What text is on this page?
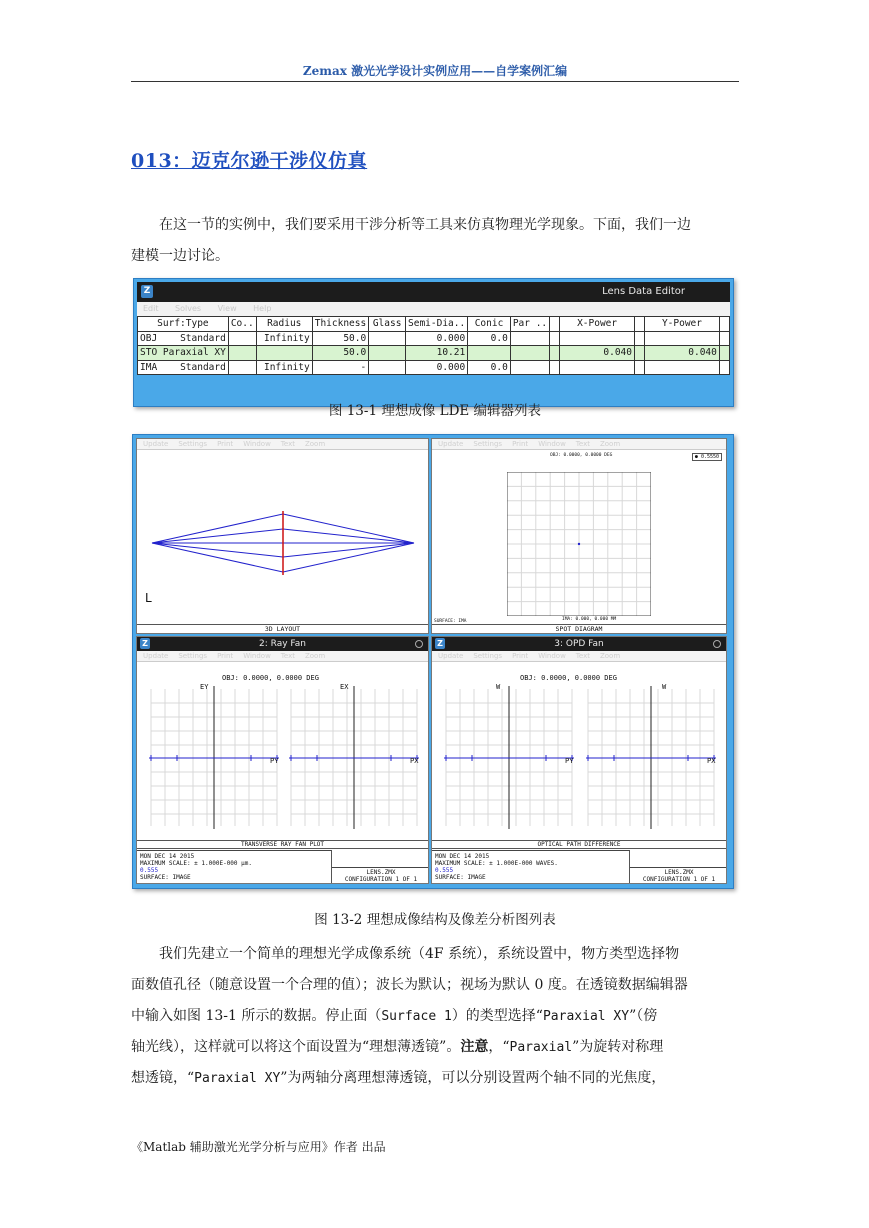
Zemax 激光光学设计实例应用——自学案例汇编
013：迈克尔逊干涉仪仿真
在这一节的实例中，我们要采用干涉分析等工具来仿真物理光学现象。下面，我们一边
建模一边讨论。
Z	Lens Data Editor
Edit Solves View Help
Surf:Type	Co..	Radius	Thickness	Glass	Semi-Dia..	Conic	Par ..		X-Power		Y-Power	
OBJ Standard		Infinity	50.0		0.000	0.0						
STO Paraxial XY			50.0		10.21				0.040		0.040	
IMA Standard		Infinity	-		0.000	0.0						
图 13-1 理想成像 LDE 编辑器列表
Update Settings Print Window Text Zoom
L
3D LAYOUT
Update Settings Print Window Text Zoom
OBJ: 0.0000, 0.0000 DEG	● 0.5550
IMA: 0.000, 0.000 MM
SURFACE: IMA
SPOT DIAGRAM
Z	2: Ray Fan
Update Settings Print Window Text Zoom
OBJ: 0.0000, 0.0000 DEG
EY	EX
PY	PX
TRANSVERSE RAY FAN PLOT
MON DEC 14 2015
MAXIMUM SCALE: ± 1.000E-000 µm.
0.555
SURFACE: IMAGE
LENS.ZMX
CONFIGURATION 1 OF 1
Z	3: OPD Fan
Update Settings Print Window Text Zoom
OBJ: 0.0000, 0.0000 DEG
W	W
PY	PX
OPTICAL PATH DIFFERENCE
MON DEC 14 2015
MAXIMUM SCALE: ± 1.000E-000 WAVES.
0.555
SURFACE: IMAGE
LENS.ZMX
CONFIGURATION 1 OF 1
图 13-2 理想成像结构及像差分析图列表
我们先建立一个简单的理想光学成像系统（4F 系统），系统设置中，物方类型选择物
面数值孔径（随意设置一个合理的值）；波长为默认；视场为默认 0 度。在透镜数据编辑器
中输入如图 13-1 所示的数据。停止面（Surface 1）的类型选择“Paraxial XY”（傍
轴光线），这样就可以将这个面设置为“理想薄透镜”。注意，“Paraxial”为旋转对称理
想透镜，“Paraxial XY”为两轴分离理想薄透镜，可以分别设置两个轴不同的光焦度，
《Matlab 辅助激光光学分析与应用》作者 出品
